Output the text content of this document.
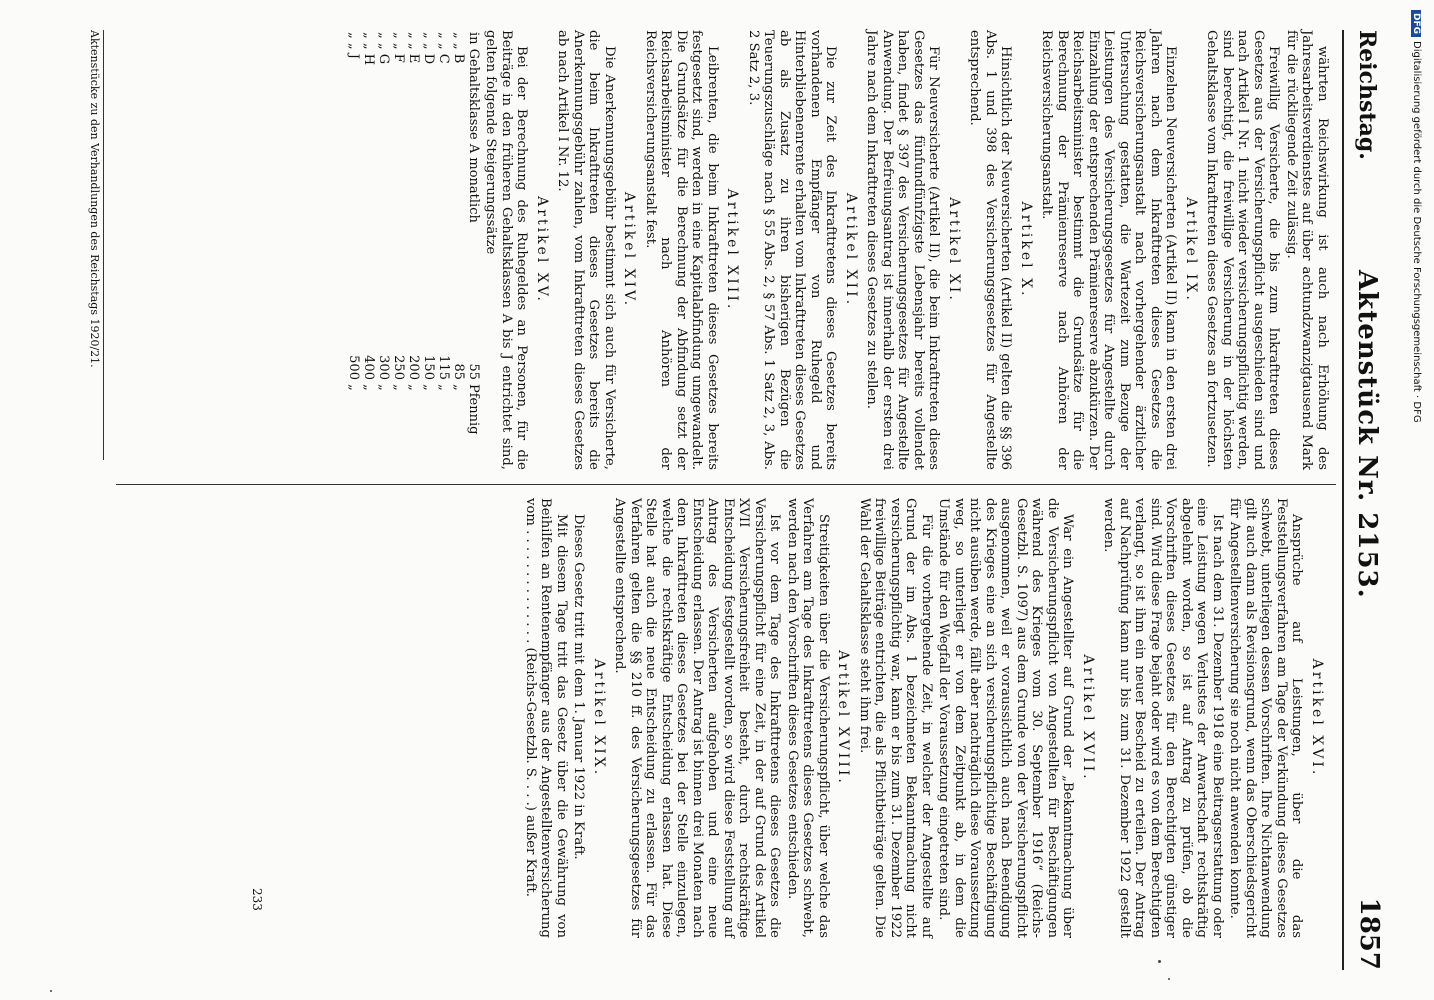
Reichstag.
Aktenstück Nr. 2153.
1857

währten Reichswirkung ist auch nach Erhöhung des Jahresarbeitsverdienstes auf über achtundzwanzigtausend Mark für die rückliegende Zeit zulässig.

Freiwillig Versicherte, die bis zum Inkrafttreten dieses Gesetzes aus der Versicherungspflicht ausgeschieden sind und nach Artikel I Nr. 1 nicht wieder versicherungspflichtig werden, sind berechtigt, die freiwillige Versicherung in der höchsten Gehaltsklasse vom Inkrafttreten dieses Gesetzes an fortzusetzen.

Artikel IX.

Einzelnen Neuversicherten (Artikel II) kann in den ersten drei Jahren nach dem Inkrafttreten dieses Gesetzes die Reichsversicherungsanstalt nach vorhergehender ärztlicher Untersuchung gestatten, die Wartezeit zum Bezuge der Leistungen des Versicherungsgesetzes für Angestellte durch Einzahlung der entsprechenden Prämienreserve abzukürzen. Der Reichsarbeitsminister bestimmt die Grundsätze für die Berechnung der Prämienreserve nach Anhören der Reichsversicherungsanstalt.

Artikel X.

Hinsichtlich der Neuversicherten (Artikel II) gelten die §§ 396 Abs. 1 und 398 des Versicherungsgesetzes für Angestellte entsprechend.

Artikel XI.

Für Neuversicherte (Artikel II), die beim Inkrafttreten dieses Gesetzes das fünfundfünfzigste Lebensjahr bereits vollendet haben, findet § 397 des Versicherungsgesetzes für Angestellte Anwendung. Der Befreiungsantrag ist innerhalb der ersten drei Jahre nach dem Inkrafttreten dieses Gesetzes zu stellen.

Artikel XII.

Die zur Zeit des Inkrafttretens dieses Gesetzes bereits vorhandenen Empfänger von Ruhegeld und Hinterbliebenenrente erhalten vom Inkrafttreten dieses Gesetzes ab als Zusatz zu ihren bisherigen Bezügen die Teuerungszuschläge nach § 55 Abs. 2, § 57 Abs. 1 Satz 2, 3, Abs. 2 Satz 2, 3.

Artikel XIII.

Leibrenten, die beim Inkrafttreten dieses Gesetzes bereits festgesetzt sind, werden in eine Kapitalabfindung umgewandelt. Die Grundsätze für die Berechnung der Abfindung setzt der Reichsarbeitsminister nach Anhören der Reichsversicherungsanstalt fest.

Artikel XIV.

Die Anerkennungsgebühr bestimmt sich auch für Versicherte, die beim Inkrafttreten dieses Gesetzes bereits die Anerkennungsgebühr zahlen, vom Inkrafttreten dieses Gesetzes ab nach Artikel I Nr. 12.

Artikel XV.

Bei der Berechnung des Ruhegeldes an Personen, für die Beiträge in den früheren Gehaltsklassen A bis J entrichtet sind, gelten folgende Steigerungssätze

in Gehaltsklasse A monatlich	55	Pfennig
„ „ B	85	„
„ „ C	115	„
„ „ D	150	„
„ „ E	200	„
„ „ F	250	„
„ „ G	300	„
„ „ H	400	„
„ „ J	500	„
Artikel XVI.

Ansprüche auf Leistungen, über die das Feststellungsverfahren am Tage der Verkündung dieses Gesetzes schwebt, unterliegen dessen Vorschriften. Ihre Nichtanwendung gilt auch dann als Revisionsgrund, wenn das Oberschiedsgericht für Angestelltenversicherung sie noch nicht anwenden konnte.

Ist nach dem 31. Dezember 1918 eine Beitragserstattung oder eine Leistung wegen Verlustes der Anwartschaft rechtskräftig abgelehnt worden, so ist auf Antrag zu prüfen, ob die Vorschriften dieses Gesetzes für den Berechtigten günstiger sind. Wird diese Frage bejaht oder wird es von dem Berechtigten verlangt, so ist ihm ein neuer Bescheid zu erteilen. Der Antrag auf Nachprüfung kann nur bis zum 31. Dezember 1922 gestellt werden.

Artikel XVII.

War ein Angestellter auf Grund der „Bekanntmachung über die Versicherungspflicht von Angestellten für Beschäftigungen während des Krieges vom 30. September 1916“ (Reichs-Gesetzbl. S. 1097) aus dem Grunde von der Versicherungspflicht ausgenommen, weil er voraussichtlich auch nach Beendigung des Krieges eine an sich versicherungspflichtige Beschäftigung nicht ausüben werde, fällt aber nachträglich diese Voraussetzung weg, so unterliegt er von dem Zeitpunkt ab, in dem die Umstände für den Wegfall der Voraussetzung eingetreten sind.

Für die vorhergehende Zeit, in welcher der Angestellte auf Grund der im Abs. 1 bezeichneten Bekanntmachung nicht versicherungspflichtig war, kann er bis zum 31. Dezember 1922 freiwillige Beiträge entrichten, die als Pflichtbeiträge gelten. Die Wahl der Gehaltsklasse steht ihm frei.

Artikel XVIII.

Streitigkeiten über die Versicherungspflicht, über welche das Verfahren am Tage des Inkrafttretens dieses Gesetzes schwebt, werden nach den Vorschriften dieses Gesetzes entschieden.

Ist vor dem Tage des Inkrafttretens dieses Gesetzes die Versicherungspflicht für eine Zeit, in der auf Grund des Artikel XVII Versicherungsfreiheit besteht, durch rechtskräftige Entscheidung festgestellt worden, so wird diese Feststellung auf Antrag des Versicherten aufgehoben und eine neue Entscheidung erlassen. Der Antrag ist binnen drei Monaten nach dem Inkrafttreten dieses Gesetzes bei der Stelle einzulegen, welche die rechtskräftige Entscheidung erlassen hat. Diese Stelle hat auch die neue Entscheidung zu erlassen. Für das Verfahren gelten die §§ 210 ff. des Versicherungsgesetzes für Angestellte entsprechend.

Artikel XIX.

Dieses Gesetz tritt mit dem 1. Januar 1922 in Kraft.

Mit diesem Tage tritt das Gesetz über die Gewährung von Beihilfen an Rentenempfänger aus der Angestelltenversicherung vom . . . . . . . . . . . . . . (Reichs-Gesetzbl. S. . . .) außer Kraft.

Aktenstücke zu den Verhandlungen des Reichstags 1920/21.
233
DFGDigitalisierung gefördert durch die Deutsche Forschungsgemeinschaft · DFG
